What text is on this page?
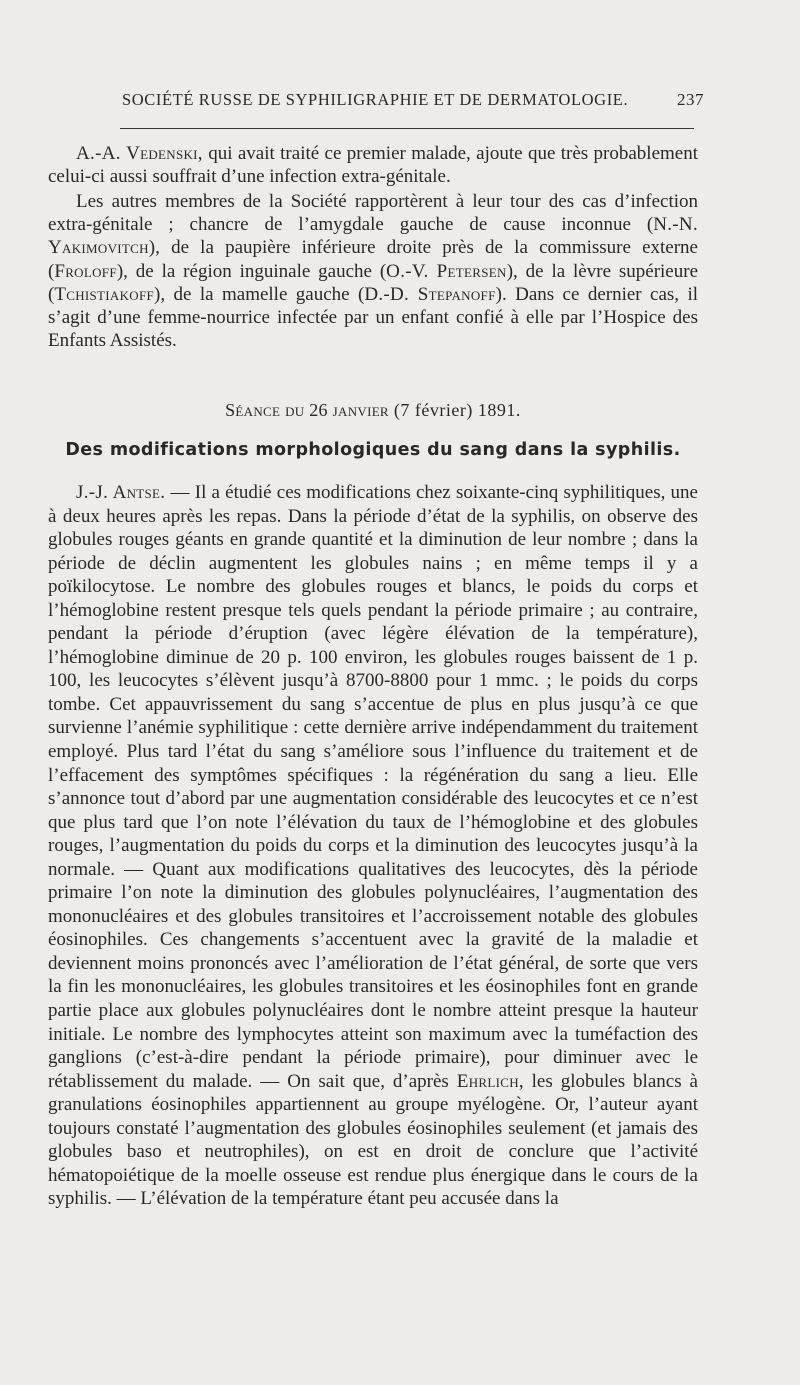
SOCIÉTÉ RUSSE DE SYPHILIGRAPHIE ET DE DERMATOLOGIE.	237

A.-A. Vedenski, qui avait traité ce premier malade, ajoute que très probablement celui-ci aussi souffrait d’une infection extra-génitale.

Les autres membres de la Société rapportèrent à leur tour des cas d’infection extra-génitale ; chancre de l’amygdale gauche de cause inconnue (N.-N. Yakimovitch), de la paupière inférieure droite près de la commissure externe (Froloff), de la région inguinale gauche (O.-V. Petersen), de la lèvre supérieure (Tchistiakoff), de la mamelle gauche (D.-D. Stepanoff). Dans ce dernier cas, il s’agit d’une femme-nourrice infectée par un enfant confié à elle par l’Hospice des Enfants Assistés.

Séance du 26 janvier (7 février) 1891.

Des modifications morphologiques du sang dans la syphilis.

J.-J. Antse. — Il a étudié ces modifications chez soixante-cinq syphilitiques, une à deux heures après les repas. Dans la période d’état de la syphilis, on observe des globules rouges géants en grande quantité et la diminution de leur nombre ; dans la période de déclin augmentent les globules nains ; en même temps il y a poïkilocytose. Le nombre des globules rouges et blancs, le poids du corps et l’hémoglobine restent presque tels quels pendant la période primaire ; au contraire, pendant la période d’éruption (avec légère élévation de la température), l’hémoglobine diminue de 20 p. 100 environ, les globules rouges baissent de 1 p. 100, les leucocytes s’élèvent jusqu’à 8700-8800 pour 1 mmc. ; le poids du corps tombe. Cet appauvrissement du sang s’accentue de plus en plus jusqu’à ce que survienne l’anémie syphilitique : cette dernière arrive indépendamment du traitement employé. Plus tard l’état du sang s’améliore sous l’influence du traitement et de l’effacement des symptômes spécifiques : la régénération du sang a lieu. Elle s’annonce tout d’abord par une augmentation considérable des leucocytes et ce n’est que plus tard que l’on note l’élévation du taux de l’hémoglobine et des globules rouges, l’augmentation du poids du corps et la diminution des leucocytes jusqu’à la normale. — Quant aux modifications qualitatives des leucocytes, dès la période primaire l’on note la diminution des globules polynucléaires, l’augmentation des mononucléaires et des globules transitoires et l’accroissement notable des globules éosinophiles. Ces changements s’accentuent avec la gravité de la maladie et deviennent moins prononcés avec l’amélioration de l’état général, de sorte que vers la fin les mononucléaires, les globules transitoires et les éosinophiles font en grande partie place aux globules polynucléaires dont le nombre atteint presque la hauteur initiale. Le nombre des lymphocytes atteint son maximum avec la tuméfaction des ganglions (c’est-à-dire pendant la période primaire), pour diminuer avec le rétablissement du malade. — On sait que, d’après Ehrlich, les globules blancs à granulations éosinophiles appartiennent au groupe myélogène. Or, l’auteur ayant toujours constaté l’augmentation des globules éosinophiles seulement (et jamais des globules baso et neutrophiles), on est en droit de conclure que l’activité hématopoiétique de la moelle osseuse est rendue plus énergique dans le cours de la syphilis. — L’élévation de la température étant peu accusée dans la
